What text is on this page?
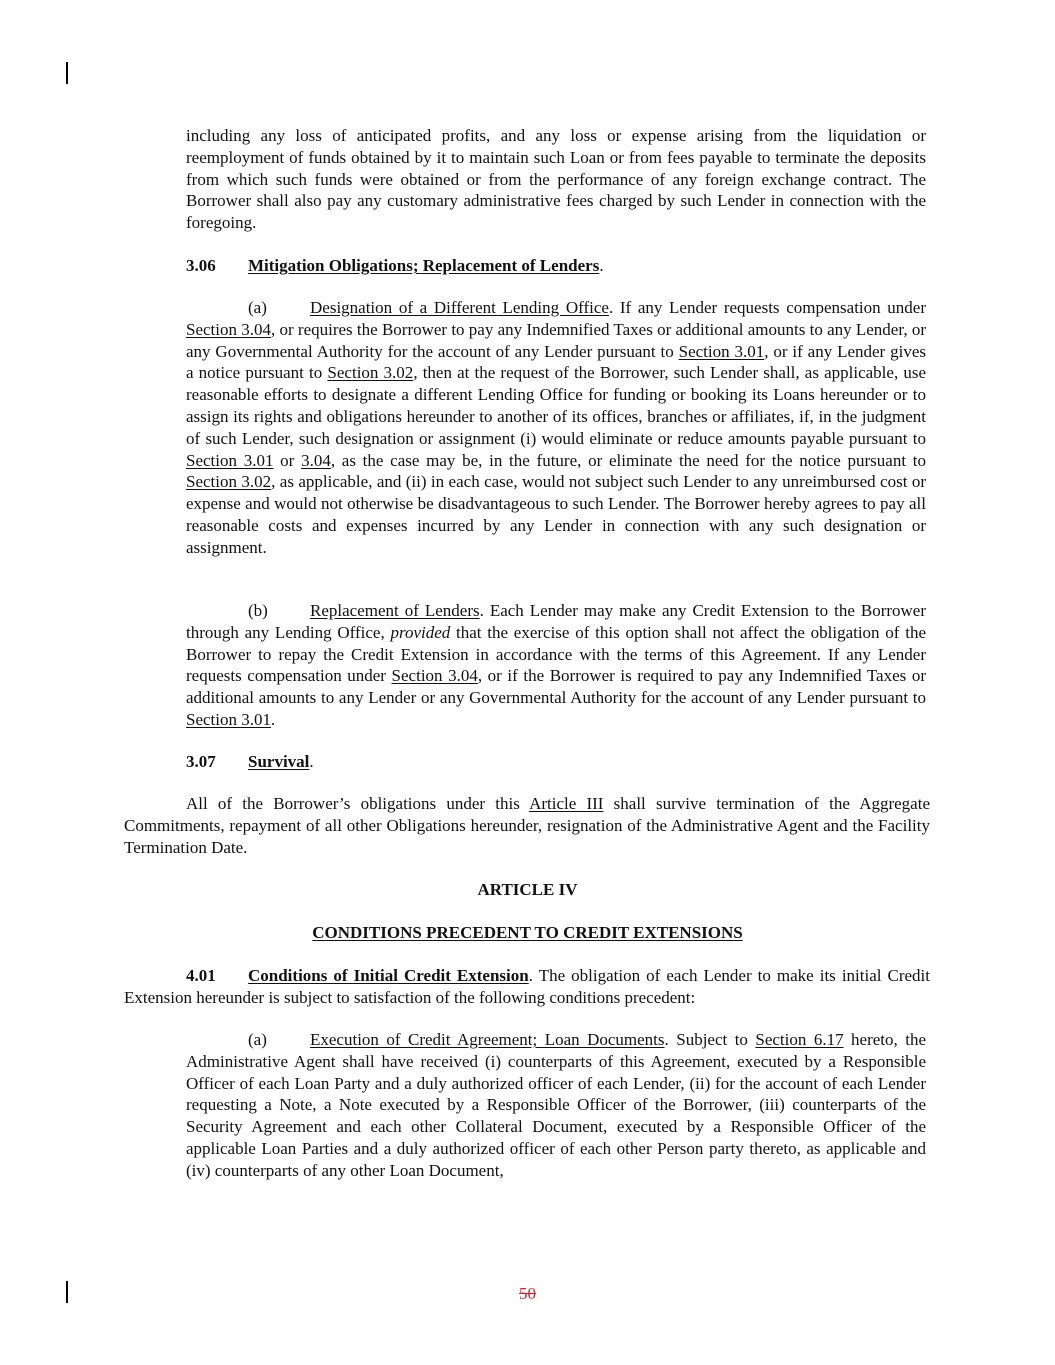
including any loss of anticipated profits, and any loss or expense arising from the liquidation or reemployment of funds obtained by it to maintain such Loan or from fees payable to terminate the deposits from which such funds were obtained or from the performance of any foreign exchange contract. The Borrower shall also pay any customary administrative fees charged by such Lender in connection with the foregoing.
3.06 Mitigation Obligations; Replacement of Lenders.
(a)	Designation of a Different Lending Office. If any Lender requests compensation under Section 3.04, or requires the Borrower to pay any Indemnified Taxes or additional amounts to any Lender, or any Governmental Authority for the account of any Lender pursuant to Section 3.01, or if any Lender gives a notice pursuant to Section 3.02, then at the request of the Borrower, such Lender shall, as applicable, use reasonable efforts to designate a different Lending Office for funding or booking its Loans hereunder or to assign its rights and obligations hereunder to another of its offices, branches or affiliates, if, in the judgment of such Lender, such designation or assignment (i) would eliminate or reduce amounts payable pursuant to Section 3.01 or 3.04, as the case may be, in the future, or eliminate the need for the notice pursuant to Section 3.02, as applicable, and (ii) in each case, would not subject such Lender to any unreimbursed cost or expense and would not otherwise be disadvantageous to such Lender. The Borrower hereby agrees to pay all reasonable costs and expenses incurred by any Lender in connection with any such designation or assignment.
(b) Replacement of Lenders. Each Lender may make any Credit Extension to the Borrower through any Lending Office, provided that the exercise of this option shall not affect the obligation of the Borrower to repay the Credit Extension in accordance with the terms of this Agreement. If any Lender requests compensation under Section 3.04, or if the Borrower is required to pay any Indemnified Taxes or additional amounts to any Lender or any Governmental Authority for the account of any Lender pursuant to Section 3.01.
3.07 Survival.
All of the Borrower’s obligations under this Article III shall survive termination of the Aggregate Commitments, repayment of all other Obligations hereunder, resignation of the Administrative Agent and the Facility Termination Date.
ARTICLE IV
CONDITIONS PRECEDENT TO CREDIT EXTENSIONS
4.01 Conditions of Initial Credit Extension. The obligation of each Lender to make its initial Credit Extension hereunder is subject to satisfaction of the following conditions precedent:
(a)	Execution of Credit Agreement; Loan Documents. Subject to Section 6.17 hereto, the Administrative Agent shall have received (i) counterparts of this Agreement, executed by a Responsible Officer of each Loan Party and a duly authorized officer of each Lender, (ii) for the account of each Lender requesting a Note, a Note executed by a Responsible Officer of the Borrower, (iii) counterparts of the Security Agreement and each other Collateral Document, executed by a Responsible Officer of the applicable Loan Parties and a duly authorized officer of each other Person party thereto, as applicable and (iv) counterparts of any other Loan Document,
50
